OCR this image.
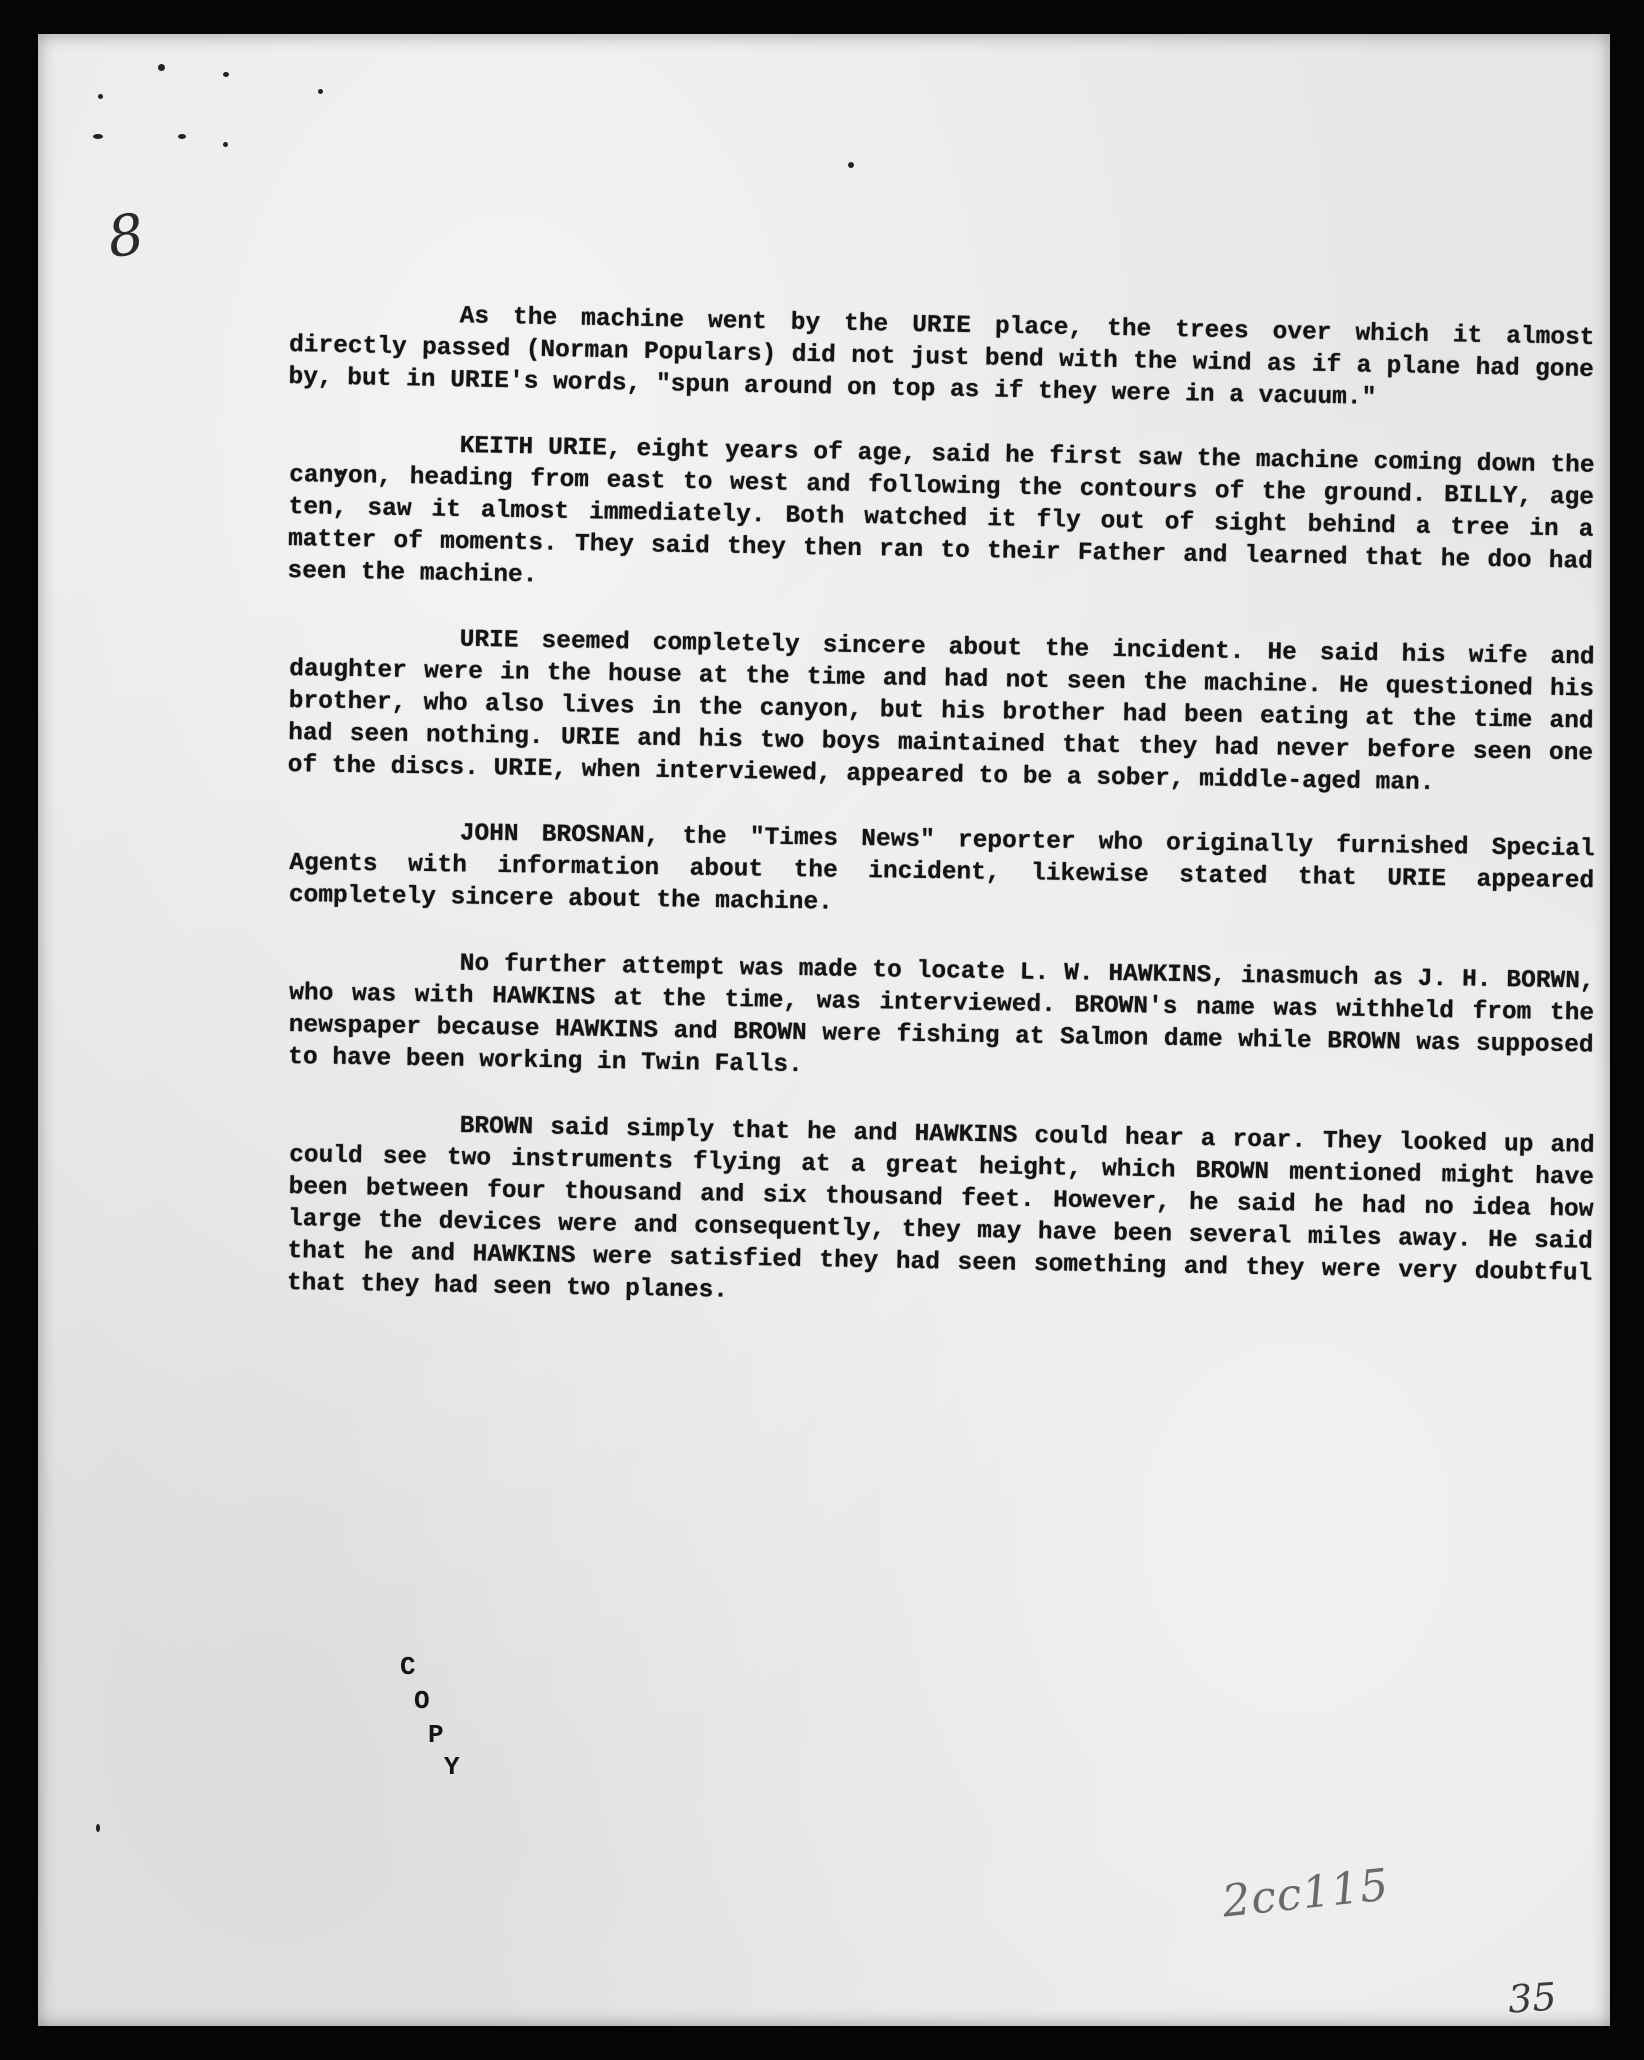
8

As the machine went by the URIE place, the trees over which it almost directly passed (Norman Populars) did not just bend with the wind as if a plane had gone by, but in URIE's words, "spun around on top as if they were in a vacuum."

KEITH URIE, eight years of age, said he first saw the machine coming down the canyon, heading from east to west and following the contours of the ground. BILLY, age ten, saw it almost immediately. Both watched it fly out of sight behind a tree in a matter of moments. They said they then ran to their Father and learned that he doo had seen the machine.

URIE seemed completely sincere about the incident. He said his wife and daughter were in the house at the time and had not seen the machine. He questioned his brother, who also lives in the canyon, but his brother had been eating at the time and had seen nothing. URIE and his two boys maintained that they had never before seen one of the discs. URIE, when interviewed, appeared to be a sober, middle-aged man.

JOHN BROSNAN, the "Times News" reporter who originally furnished Special Agents with information about the incident, likewise stated that URIE appeared completely sincere about the machine.

No further attempt was made to locate L. W. HAWKINS, inasmuch as J. H. BORWN, who was with HAWKINS at the time, was interviewed. BROWN's name was withheld from the newspaper because HAWKINS and BROWN were fishing at Salmon dame while BROWN was supposed to have been working in Twin Falls.

BROWN said simply that he and HAWKINS could hear a roar. They looked up and could see two instruments flying at a great height, which BROWN mentioned might have been between four thousand and six thousand feet. However, he said he had no idea how large the devices were and consequently, they may have been several miles away. He said that he and HAWKINS were satisfied they had seen something and they were very doubtful that they had seen two planes.

C
O
P
Y
2cc115
35
